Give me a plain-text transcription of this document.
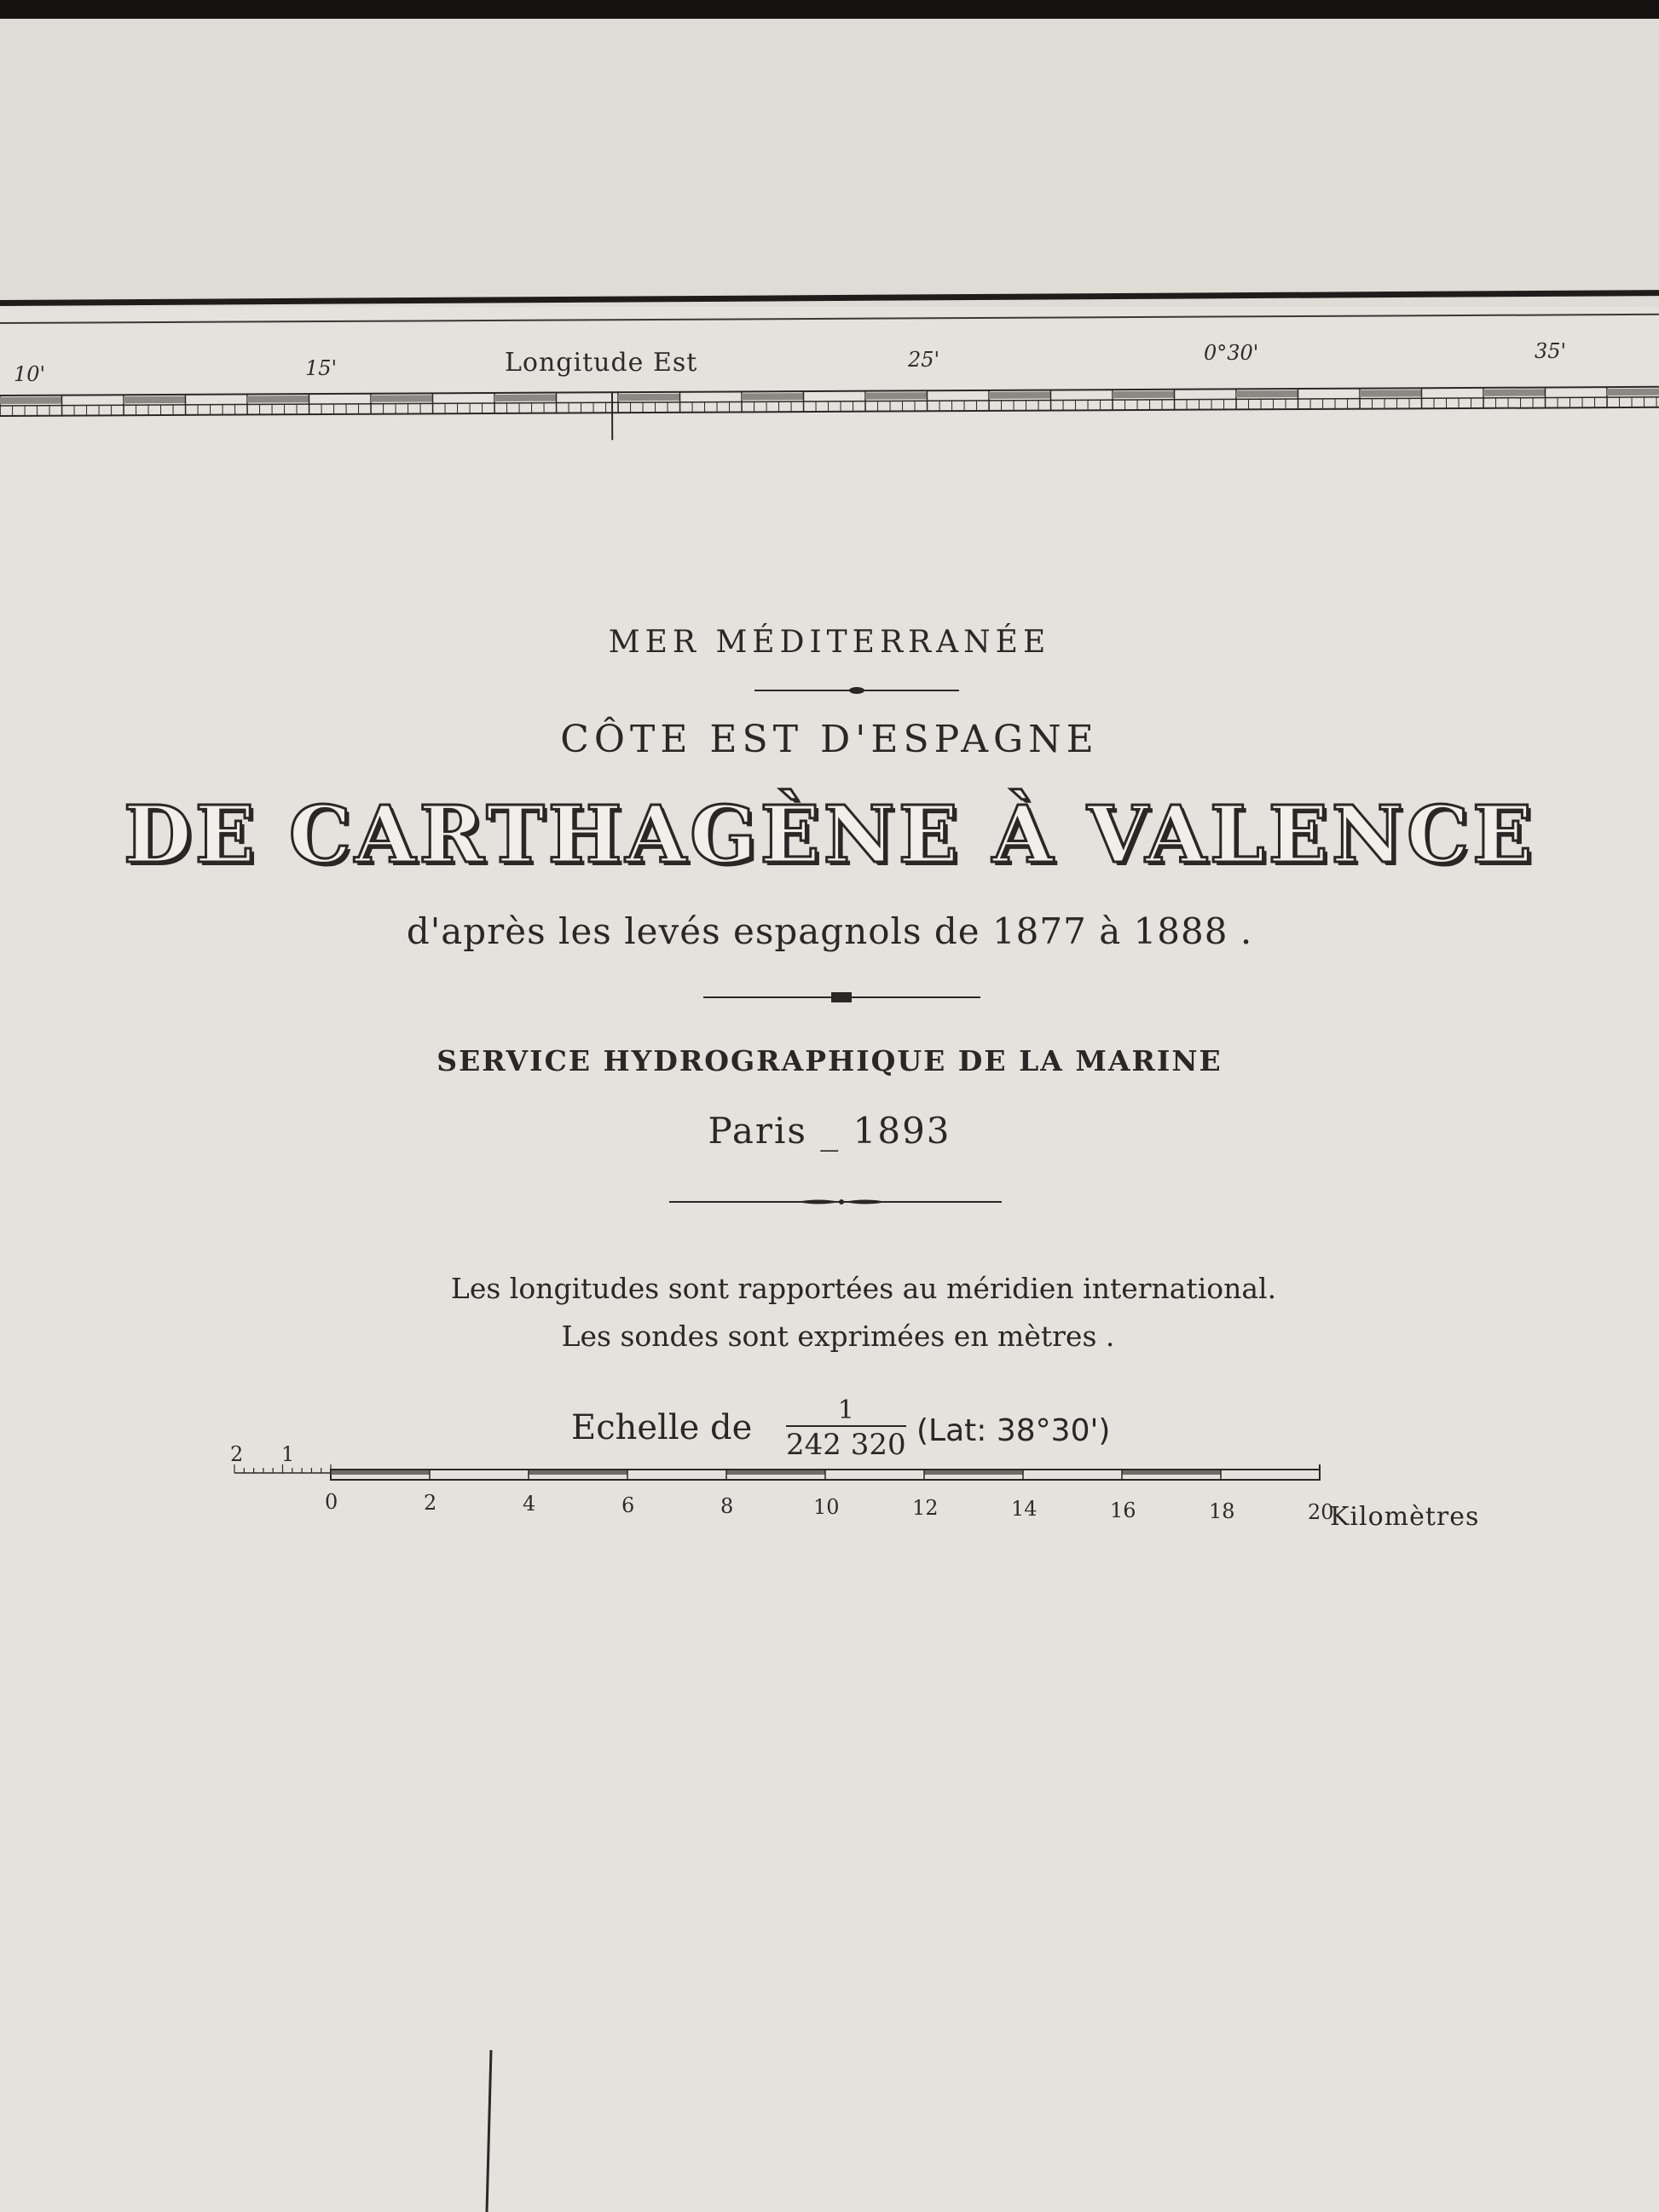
10'	15'	Longitude Est	25'	0°30'	35'
MER MÉDITERRANÉE
CÔTE EST D'ESPAGNE
DE CARTHAGÈNE À VALENCE
d'après les levés espagnols de 1877 à 1888 .
SERVICE HYDROGRAPHIQUE DE LA MARINE
Paris _ 1893
Les longitudes sont rapportées au méridien international.
Les sondes sont exprimées en mètres .
Echelle de $\frac{1}{242 320} (Lat$: 38°30')
2 1
0	2	4	6	8	10	12	14	16	18	20
Kilomètres
